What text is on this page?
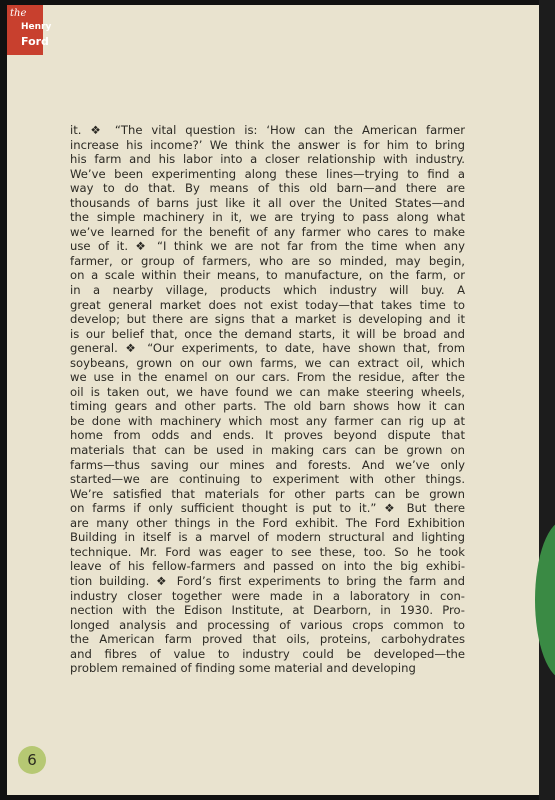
the
Henry
Ford
it. ❖ “The vital question is: ‘How can the American farmer
increase his income?’ We think the answer is for him to bring
his farm and his labor into a closer relationship with industry.
We’ve been experimenting along these lines—trying to find a
way to do that. By means of this old barn—and there are
thousands of barns just like it all over the United States—and
the simple machinery in it, we are trying to pass along what
we’ve learned for the benefit of any farmer who cares to make
use of it. ❖ “I think we are not far from the time when any
farmer, or group of farmers, who are so minded, may begin,
on a scale within their means, to manufacture, on the farm, or
in a nearby village, products which industry will buy. A
great general market does not exist today—that takes time to
develop; but there are signs that a market is developing and it
is our belief that, once the demand starts, it will be broad and
general. ❖ “Our experiments, to date, have shown that, from
soybeans, grown on our own farms, we can extract oil, which
we use in the enamel on our cars. From the residue, after the
oil is taken out, we have found we can make steering wheels,
timing gears and other parts. The old barn shows how it can
be done with machinery which most any farmer can rig up at
home from odds and ends. It proves beyond dispute that
materials that can be used in making cars can be grown on
farms—thus saving our mines and forests. And we’ve only
started—we are continuing to experiment with other things.
We’re satisfied that materials for other parts can be grown
on farms if only sufficient thought is put to it.” ❖ But there
are many other things in the Ford exhibit. The Ford Exhibition
Building in itself is a marvel of modern structural and lighting
technique. Mr. Ford was eager to see these, too. So he took
leave of his fellow-farmers and passed on into the big exhibi-
tion building. ❖ Ford’s first experiments to bring the farm and
industry closer together were made in a laboratory in con-
nection with the Edison Institute, at Dearborn, in 1930. Pro-
longed analysis and processing of various crops common to
the American farm proved that oils, proteins, carbohydrates
and fibres of value to industry could be developed—the
problem remained of finding some material and developing
6
